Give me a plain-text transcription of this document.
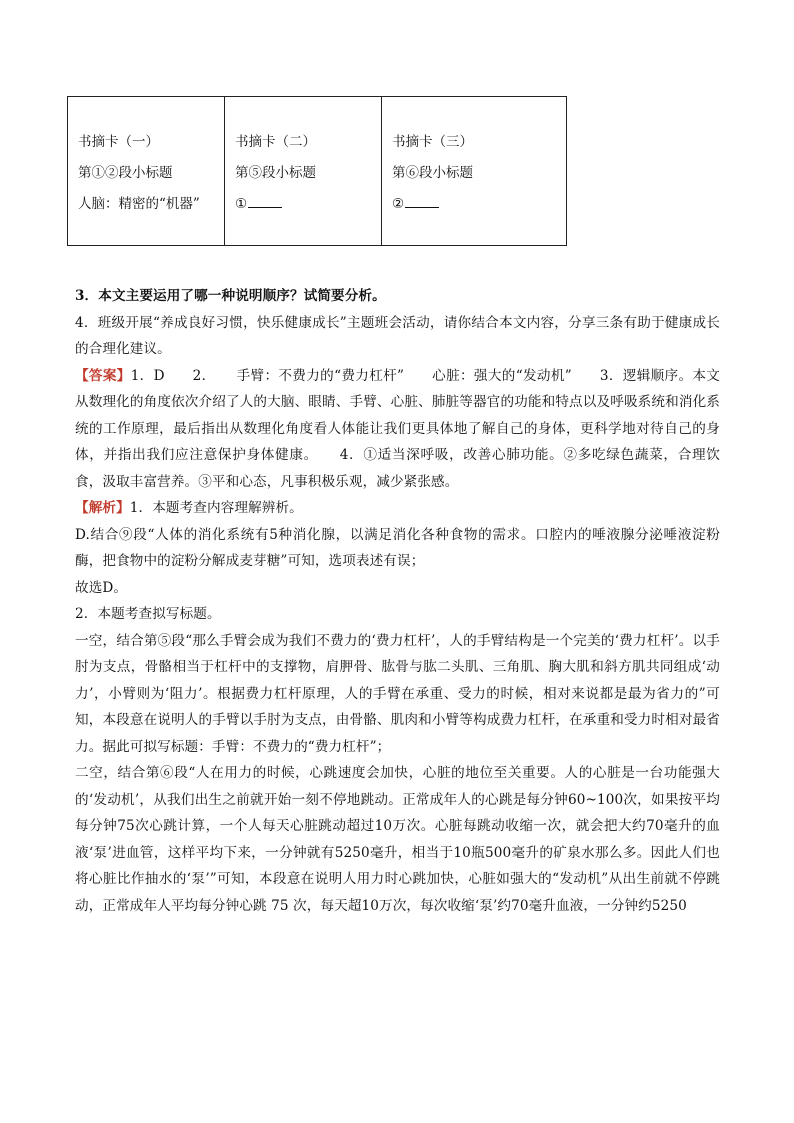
书摘卡（一）
第①②段小标题
人脑：精密的“机器”

书摘卡（二）
第⑤段小标题
①

书摘卡（三）
第⑥段小标题
②

3．本文主要运用了哪一种说明顺序？试简要分析。

4．班级开展“养成良好习惯，快乐健康成长”主题班会活动，请你结合本文内容，分享三条有助于健康成长的合理化建议。

【答案】1．D　　2．　　手臂：不费力的“费力杠杆”　　心脏：强大的“发动机”　　3．逻辑顺序。本文从数理化的角度依次介绍了人的大脑、眼睛、手臂、心脏、肺脏等器官的功能和特点以及呼吸系统和消化系统的工作原理，最后指出从数理化角度看人体能让我们更具体地了解自己的身体，更科学地对待自己的身体，并指出我们应注意保护身体健康。　　4．①适当深呼吸，改善心肺功能。②多吃绿色蔬菜，合理饮食，汲取丰富营养。③平和心态，凡事积极乐观，减少紧张感。

【解析】1．本题考查内容理解辨析。

D.结合⑨段“人体的消化系统有5种消化腺，以满足消化各种食物的需求。口腔内的唾液腺分泌唾液淀粉酶，把食物中的淀粉分解成麦芽糖”可知，选项表述有误；

故选D。

2．本题考查拟写标题。

一空，结合第⑤段“那么手臂会成为我们不费力的‘费力杠杆’，人的手臂结构是一个完美的‘费力杠杆’。以手肘为支点，骨骼相当于杠杆中的支撑物，肩胛骨、肱骨与肱二头肌、三角肌、胸大肌和斜方肌共同组成‘动力’，小臂则为‘阻力’。根据费力杠杆原理，人的手臂在承重、受力的时候，相对来说都是最为省力的”可知，本段意在说明人的手臂以手肘为支点，由骨骼、肌肉和小臂等构成费力杠杆，在承重和受力时相对最省力。据此可拟写标题：手臂：不费力的“费力杠杆”；

二空，结合第⑥段“人在用力的时候，心跳速度会加快，心脏的地位至关重要。人的心脏是一台功能强大的‘发动机’，从我们出生之前就开始一刻不停地跳动。正常成年人的心跳是每分钟60~100次，如果按平均每分钟75次心跳计算，一个人每天心脏跳动超过10万次。心脏每跳动收缩一次，就会把大约70毫升的血液‘泵’进血管，这样平均下来，一分钟就有5250毫升，相当于10瓶500毫升的矿泉水那么多。因此人们也将心脏比作抽水的‘泵’”可知，本段意在说明人用力时心跳加快，心脏如强大的“发动机”从出生前就不停跳动，正常成年人平均每分钟心跳 75 次，每天超10万次，每次收缩‘泵’约70毫升血液，一分钟约5250
